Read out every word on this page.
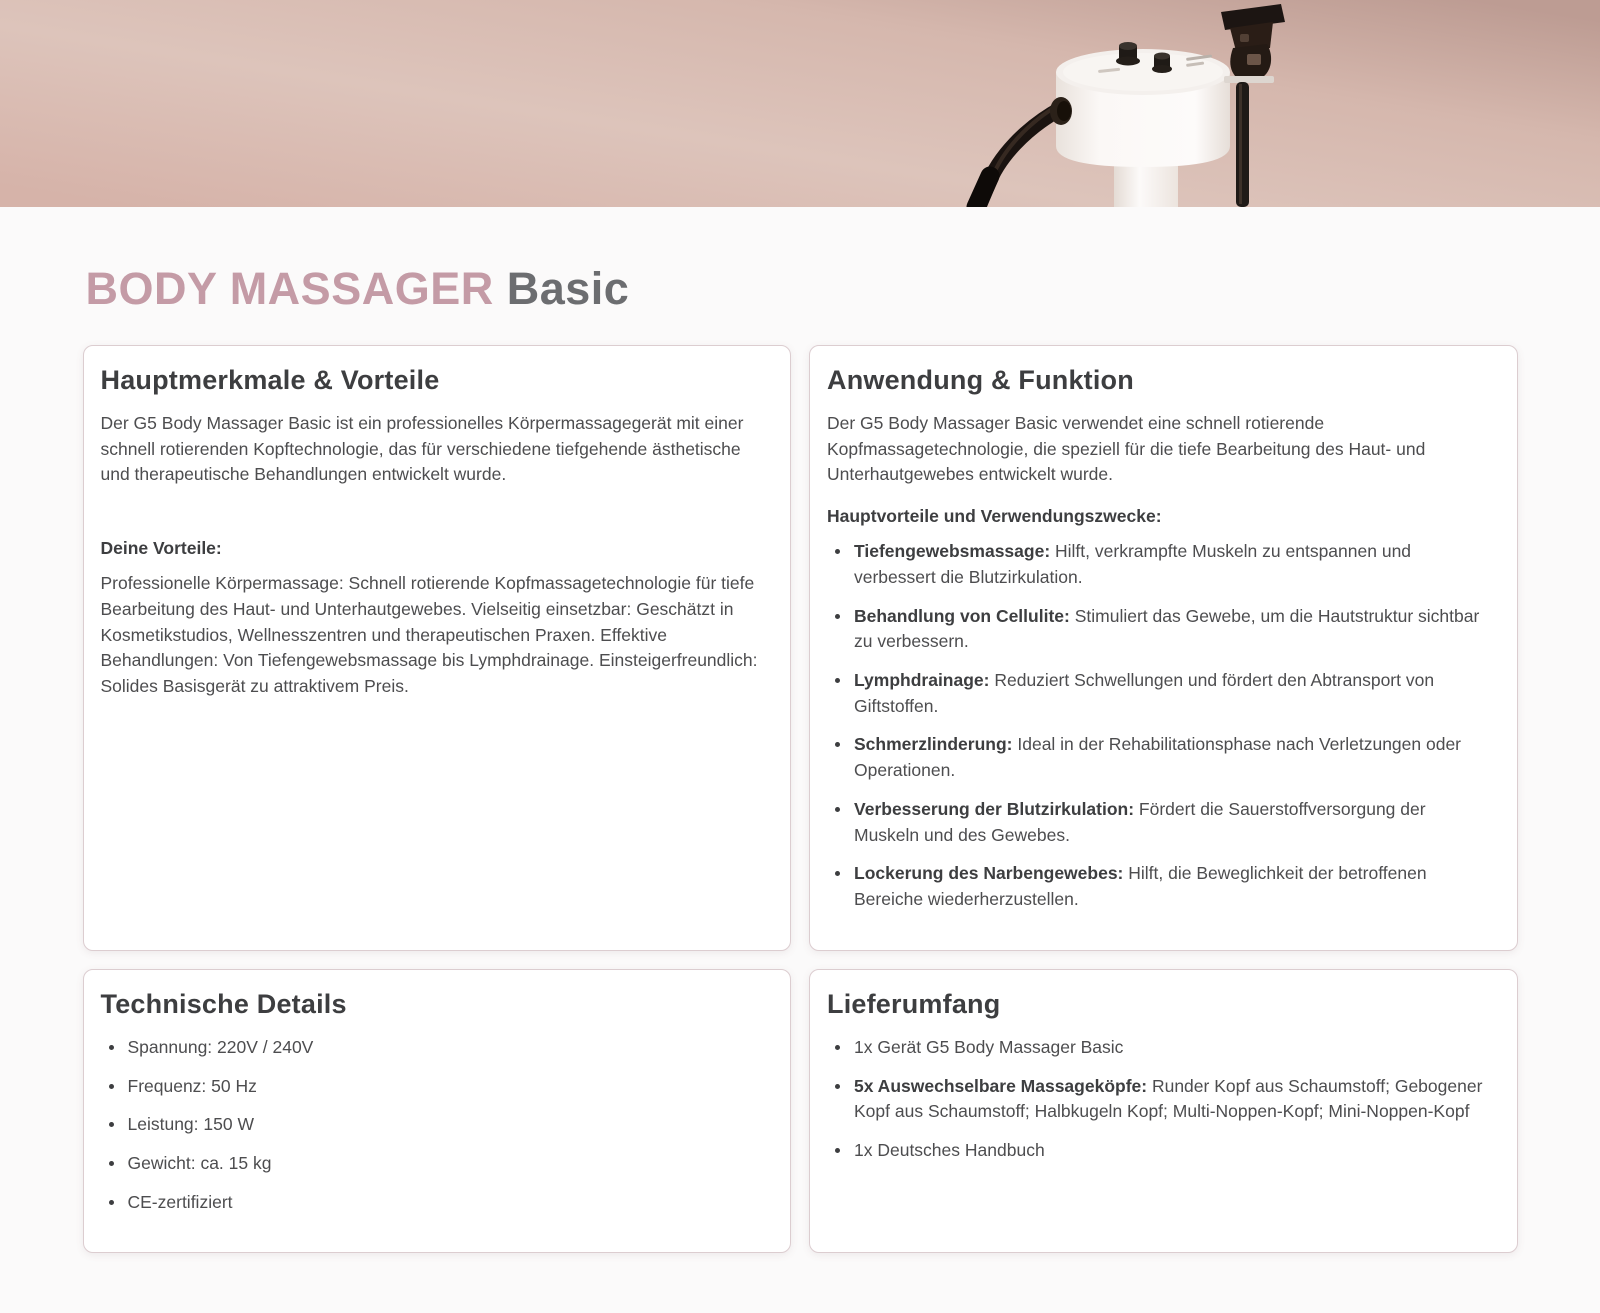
BODY MASSAGER Basic
Hauptmerkmale & Vorteile

Der G5 Body Massager Basic ist ein professionelles Körpermassagegerät mit einer schnell rotierenden Kopftechnologie, das für verschiedene tiefgehende ästhetische und therapeutische Behandlungen entwickelt wurde.

Deine Vorteile:

Professionelle Körpermassage: Schnell rotierende Kopfmassagetechnologie für tiefe Bearbeitung des Haut- und Unterhautgewebes. Vielseitig einsetzbar: Geschätzt in Kosmetikstudios, Wellnesszentren und therapeutischen Praxen. Effektive Behandlungen: Von Tiefengewebsmassage bis Lymphdrainage. Einsteigerfreundlich: Solides Basisgerät zu attraktivem Preis.

Anwendung & Funktion

Der G5 Body Massager Basic verwendet eine schnell rotierende Kopfmassagetechnologie, die speziell für die tiefe Bearbeitung des Haut- und Unterhautgewebes entwickelt wurde.

Hauptvorteile und Verwendungszwecke:
Tiefengewebsmassage: Hilft, verkrampfte Muskeln zu entspannen und verbessert die Blutzirkulation.
Behandlung von Cellulite: Stimuliert das Gewebe, um die Hautstruktur sichtbar zu verbessern.
Lymphdrainage: Reduziert Schwellungen und fördert den Abtransport von Giftstoffen.
Schmerzlinderung: Ideal in der Rehabilitationsphase nach Verletzungen oder Operationen.
Verbesserung der Blutzirkulation: Fördert die Sauerstoffversorgung der Muskeln und des Gewebes.
Lockerung des Narbengewebes: Hilft, die Beweglichkeit der betroffenen Bereiche wiederherzustellen.
Technische Details
Spannung: 220V / 240V
Frequenz: 50 Hz
Leistung: 150 W
Gewicht: ca. 15 kg
CE-zertifiziert
Lieferumfang
1x Gerät G5 Body Massager Basic
5x Auswechselbare Massageköpfe: Runder Kopf aus Schaumstoff; Gebogener Kopf aus Schaumstoff; Halbkugeln Kopf; Multi-Noppen-Kopf; Mini-Noppen-Kopf
1x Deutsches Handbuch
